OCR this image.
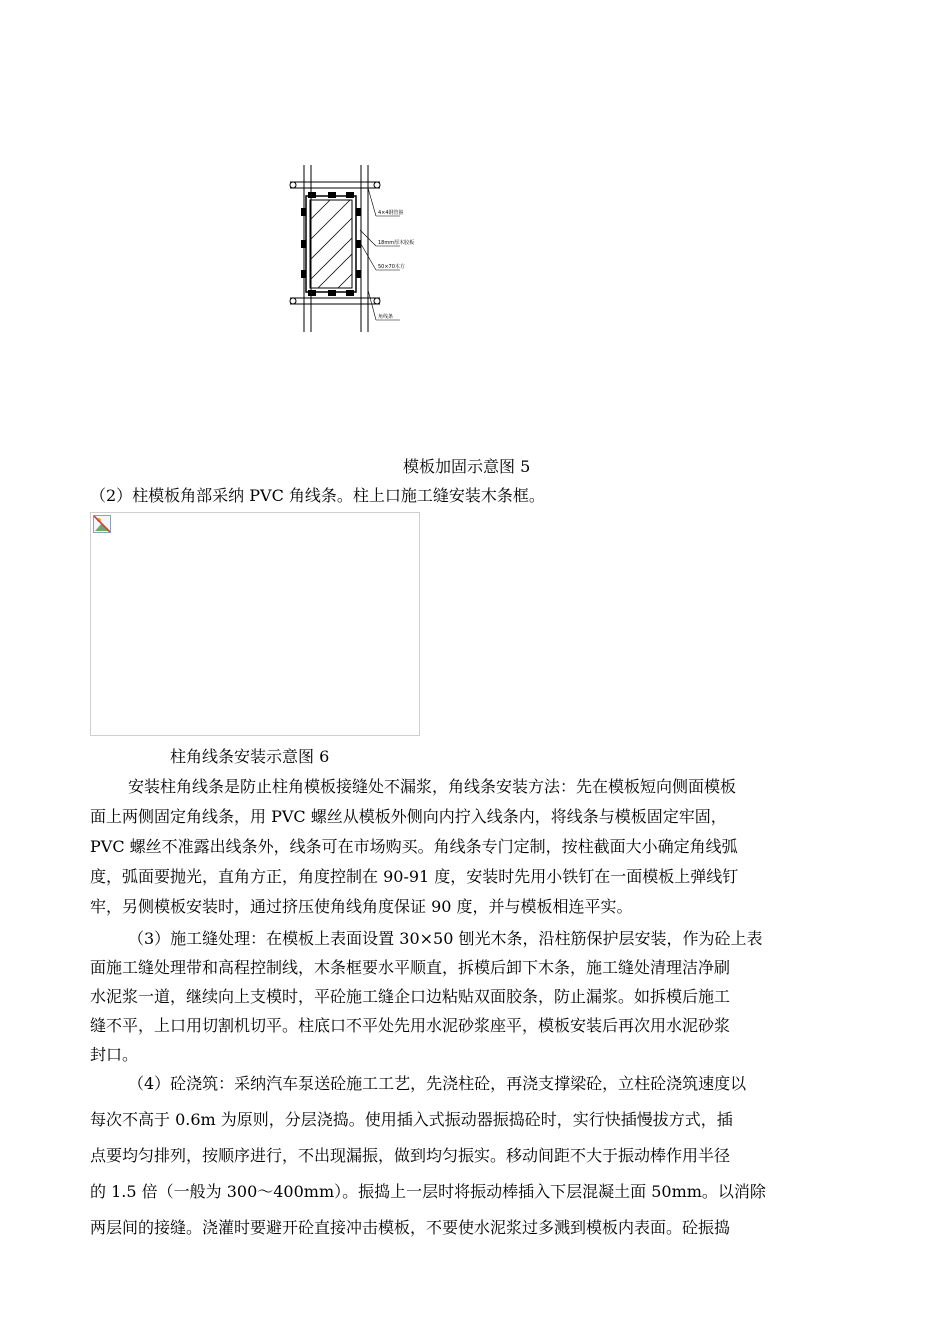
4×4钢管箍
18mm厚木胶板
50×70木方
角线条
模板加固示意图 5
（2）柱模板角部采纳 PVC 角线条。柱上口施工缝安装木条框。
柱角线条安装示意图 6
安装柱角线条是防止柱角模板接缝处不漏浆，角线条安装方法：先在模板短向侧面模板
面上两侧固定角线条，用 PVC 螺丝从模板外侧向内拧入线条内，将线条与模板固定牢固，
PVC 螺丝不准露出线条外，线条可在市场购买。角线条专门定制，按柱截面大小确定角线弧
度，弧面要抛光，直角方正，角度控制在 90-91 度，安装时先用小铁钉在一面模板上弹线钉
牢，另侧模板安装时，通过挤压使角线角度保证 90 度，并与模板相连平实。
（3）施工缝处理：在模板上表面设置 30×50 刨光木条，沿柱筋保护层安装，作为砼上表
面施工缝处理带和高程控制线，木条框要水平顺直，拆模后卸下木条，施工缝处清理洁净刷
水泥浆一道，继续向上支模时，平砼施工缝企口边粘贴双面胶条，防止漏浆。如拆模后施工
缝不平，上口用切割机切平。柱底口不平处先用水泥砂浆座平，模板安装后再次用水泥砂浆
封口。
（4）砼浇筑：采纳汽车泵送砼施工工艺，先浇柱砼，再浇支撑梁砼，立柱砼浇筑速度以
每次不高于 0.6m 为原则，分层浇捣。使用插入式振动器振捣砼时，实行快插慢拔方式，插
点要均匀排列，按顺序进行，不出现漏振，做到均匀振实。移动间距不大于振动棒作用半径
的 1.5 倍（一般为 300～400mm）。振捣上一层时将振动棒插入下层混凝土面 50mm。以消除
两层间的接缝。浇灌时要避开砼直接冲击模板，不要使水泥浆过多溅到模板内表面。砼振捣
